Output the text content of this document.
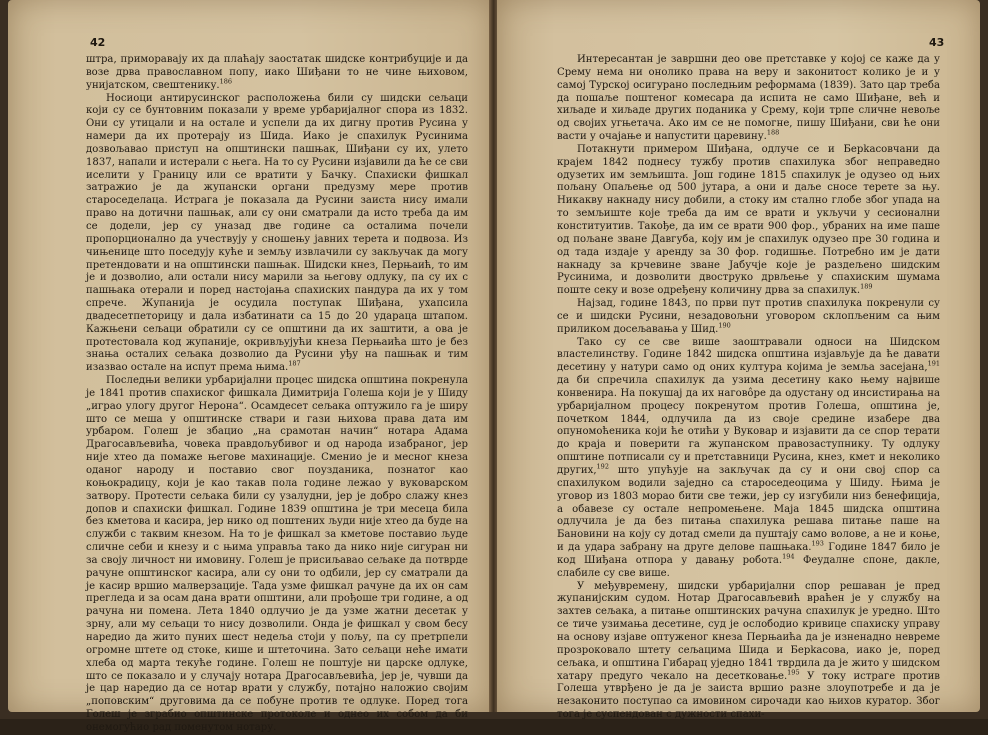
42

штра, приморавају их да плаћају заостатак шидске контрибуције и да возе дрва православном попу, иако Шиђани то не чине њиховом, унијатском, свештенику.$^{186}$

Носиоци антирусинског расположења били су шидски сељаци који су се бунтовним показали у време урбаријалног спора из 1832. Они су утицали и на остале и успели да их дигну против Русина у намери да их протерају из Шида. Иако је спахилук Русинима дозвољавао приступ на општински пашњак, Шиђани су их, улето 1837, напали и истерали с њега. На то су Русини изјавили да ће се сви иселити у Границу или се вратити у Бачку. Спахиски фишкал затражио је да жупански органи предузму мере против староседелаца. Истрага је показала да Русини заиста нису имали право на дотични пашњак, али су они сматрали да исто треба да им се додели, јер су уназад две године са осталима почели пропорционално да учествују у сношењу јавних терета и подвоза. Из чињенице што поседују куће и земљу извлачили су закључак да могу претендовати и на општински пашњак. Шидски кнез, Перњаић, то им је и дозволио, али остали нису марили за његову одлуку, па су их с пашњака отерали и поред настојања спахиских пандура да их у том спрече. Жупанија је осудила поступак Шиђана, ухапсила двадесетпеторицу и дала избатинати са 15 до 20 удараца штапом. Кажњени сељаци обратили су се општини да их заштити, а ова је протестовала код жупаније, окривљујући кнеза Перњаића што је без знања осталих сељака дозволио да Русини уђу на пашњак и тим изазвао остале на испут према њима.$^{187}$

Последњи велики урбаријални процес шидска општина покренула је 1841 против спахиског фишкала Димитрија Голеша који је у Шиду „играо улогу другог Нерона“. Осамдесет сељака оптужило га је ширу што се меша у општинске ствари и гази њихова права дата им урбаром. Голеш је збацио „на срамотан начин“ нотара Адама Драгосављевића, човека правдољубивог и од народа изабраног, јер није хтео да помаже његове махинације. Сменио је и месног кнеза оданог народу и поставио свог поузданика, познатог као коњокрадицу, који је као такав пола године лежао у вуковарском затвору. Протести сељака били су узалудни, јер је добро слажу кнез допов и спахиски фишкал. Године 1839 општина је три месеца била без кметова и касира, јер нико од поштених људи није хтео да буде на служби с таквим кнезом. На то је фишкал за кметове поставио људе сличне себи и кнезу и с њима управља тако да нико није сигуран ни за своју личност ни имовину. Голеш је присиљавао сељаке да потврде рачуне општинског касира, али су они то одбили, јер су сматрали да је касир вршио малверзације. Тада узме фишкал рачуне да их он сам прегледа и за осам дана врати општини, али прођоше три године, а од рачуна ни помена. Лета 1840 одлучио је да узме жатни десетак у зрну, али му сељаци то нису дозволили. Онда је фишкал у свом бесу наредио да жито пуних шест недеља стоји у пољу, па су претрпели огромне штете од стоке, кише и штеточина. Зато сељаци нећe имати хлеба од марта текуће године. Голеш не поштује ни царске одлуке, што се показало и у случају нотара Драгосављевића, јер је, чувши да је цар наредио да се нотар врати у службу, потајно наложио својим „поповским“ друговима да се побуне против те одлуке. Поред тога Голеш је зграбио општинске протоколе и однео их собом да би онемогућио рад поменутом нотару.

43

Интересантан је завршни део ове претставке у којој се каже да у Срему нема ни оноликo права на веру и законитост колико је и у самој Турској осигурано последњим реформама (1839). Зато цар треба да пошаље поштеног комесара да испита не само Шиђане, већ и хиљаде и хиљаде других поданика у Срему, који трпе сличне невоље од својих угњетача. Ако им се не помогне, пишу Шиђани, сви ће они васти у очајање и напустити царевину.$^{188}$

Потакнути примером Шиђана, одлуче се и Берkасовчани да крајем 1842 поднесу тужбу против спахилука због неправедно одузетих им земљишта. Још године 1815 спахилук је одузео од њих пољану Опаљење од 500 јутара, а они и даље сносе терете за њу. Никакву накнаду нису добили, а стоку им стално глобе због упада на то земљиште које треба да им се врати и укључи у сесионални конституитив. Такође, да им се врати 900 фор., убраних на име пашe од пољане зване Давгуба, коју им је спахилук одузео пре 30 година и од тада издаје у аренду за 30 фор. годишње. Потребно им је дати накнаду за крчевине зване Јабучје које је раздељено шидским Русинима, и дозволити двоструко дрвљење у спахиским шумама поште секу и возе одређену количину дрва за спахилук.$^{189}$

Најзад, године 1843, по први пут против спахилука покренули су се и шидски Русини, незадовољни уговором склопљеним са њим приликом досељавања у Шид.$^{190}$

Тако су се све више заоштравали односи на Шидском властелинству. Године 1842 шидска општина изјављује да ће давати десетину у натури само од оних култура којима је земља засејана,$^{191}$ да би спречила спахилук да узима десетину како њему највише конвенира. На покушај да их нагово̂ре да одустану од инсистирања на урбаријалном процесу покренутом против Голеша, општина је, почетком 1844, одлучила да из своје средине изабере два опуномоћеника који ће отићи у Вуковар и изјавити да се спор терати до краја и поверити га жупанском правозаступнику. Ту одлуку општине потписали су и претставници Русина, кнез, кмет и неколико других,$^{192}$ што упућује на закључак да су и они свој спор са спахилуком водили заједно са староседеоцима у Шиду. Њима је уговор из 1803 морао бити све тежи, јер су изгубили низ бенефиција, а обавезе су остале непромењене. Маја 1845 шидска општина одлучила је да без питања спахилука решава питање паше на Бановини на коју су дотад смели да пуштају само волове, а не и коње, и да удара забрану на друге делове пашњака.$^{193}$ Године 1847 било је код Шиђана отпора у давању робота.$^{194}$ Феудалне споне, дакле, слабиле су све више.

У међувремену, шидски урбаријални спор решаван је пред жупанијским судом. Нотар Драгосављевић враћен је у службу на захтев сељака, а питање општинских рачуна спахилук је уредно. Што се тиче узимања десетине, суд је ослободио кривице спахиску управу на основу изјаве оптуженог кнеза Перњаића да је изненадно невреме прозроковало штету сељацима Шида и Берkасова, иако је, поред сељака, и општина Гибарац уједно 1841 тврдила да је жито у шидском хатару предуго чекало на десетковање.$^{195}$ У току истраге против Голеша утврђено је да је заиста вршио разне злоупотребе и да је незаконито поступао са имовином сирочади као њихов куратор. Због тога је суспендован с дужности спахи-
